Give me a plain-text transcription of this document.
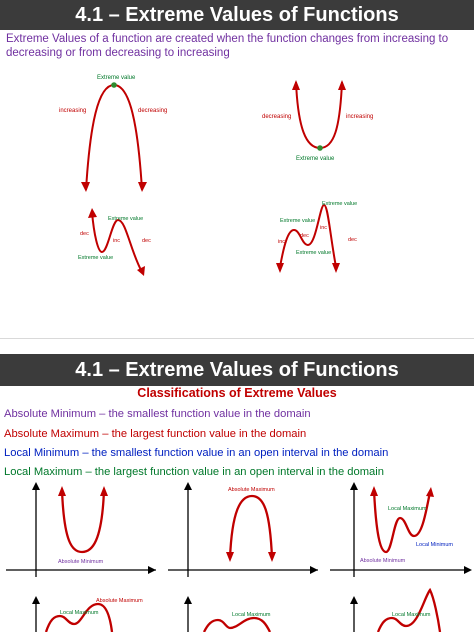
4.1 – Extreme Values of Functions
Extreme Values of a function are created when the function changes from increasing to decreasing or from decreasing to increasing
Extreme value
increasing	decreasing
decreasing	increasing
Extreme value
Extreme value
Extreme value
dec
inc	dec
Extreme value
Extreme value
Extreme value
inc
dec
inc
dec
4.1 – Extreme Values of Functions
Classifications of Extreme Values
Absolute Minimum – the smallest function value in the domain
Absolute Maximum – the largest function value in the domain
Local Minimum – the smallest function value in an open interval in the domain
Local Maximum – the largest function value in an open interval in the domain
Absolute Minimum
Absolute Maximum
Local Maximum
Local Minimum
Absolute Minimum
Absolute Maximum
Local Maximum	Local Maximum	Local Maximum
